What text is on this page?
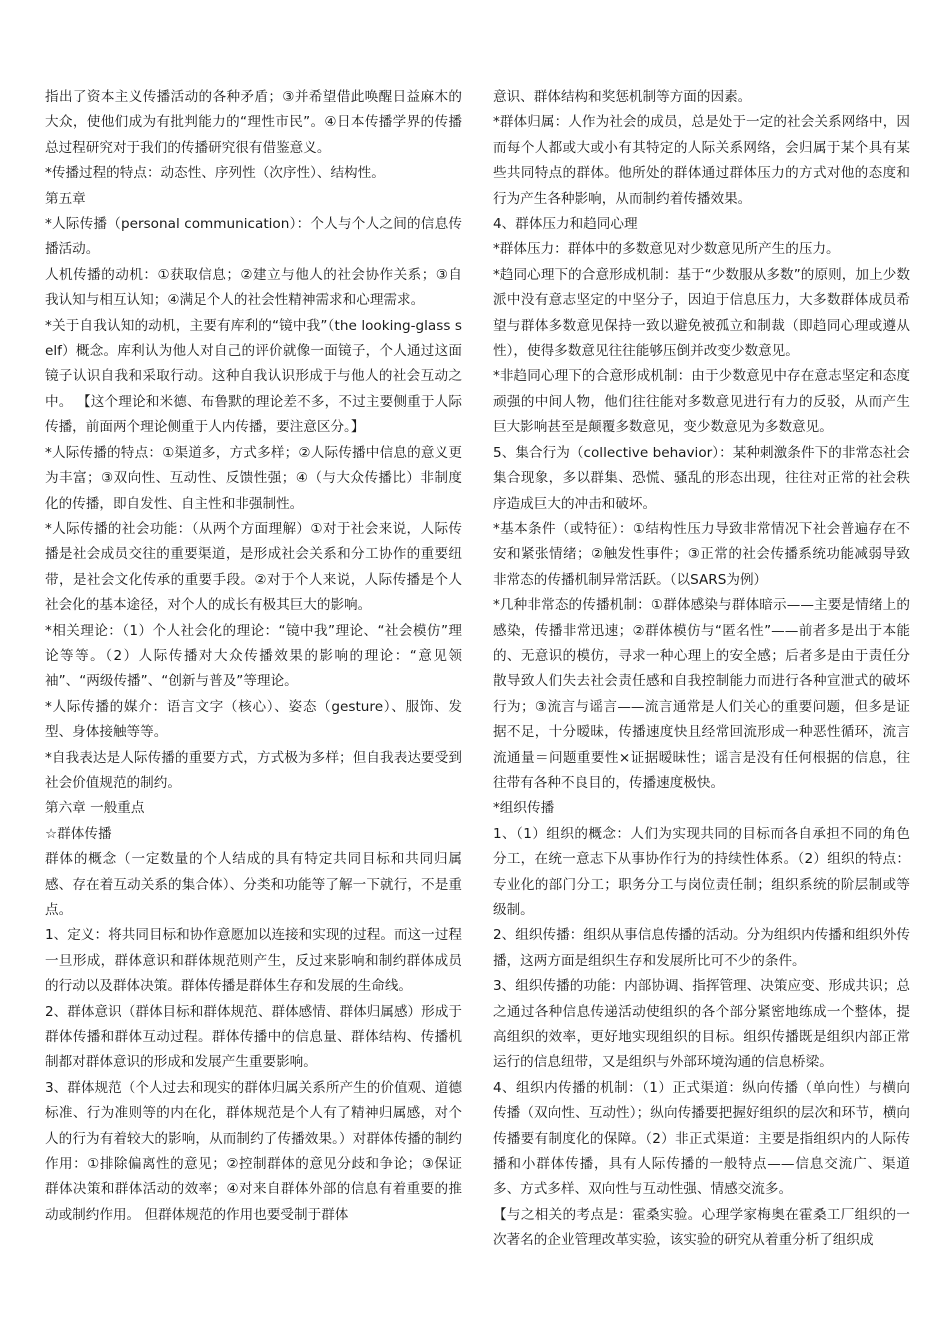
指出了资本主义传播活动的各种矛盾；③并希望借此唤醒日益麻木的大众，使他们成为有批判能力的“理性市民”。④日本传播学界的传播总过程研究对于我们的传播研究很有借鉴意义。

*传播过程的特点：动态性、序列性（次序性）、结构性。

第五章

*人际传播（personal communication）：个人与个人之间的信息传播活动。

人机传播的动机：①获取信息；②建立与他人的社会协作关系；③自我认知与相互认知；④满足个人的社会性精神需求和心理需求。

*关于自我认知的动机，主要有库利的“镜中我”（the looking-glass self）概念。库利认为他人对自己的评价就像一面镜子，个人通过这面镜子认识自我和采取行动。这种自我认识形成于与他人的社会互动之中。 【这个理论和米德、布鲁默的理论差不多，不过主要侧重于人际传播，前面两个理论侧重于人内传播，要注意区分。】

*人际传播的特点：①渠道多，方式多样；②人际传播中信息的意义更为丰富；③双向性、互动性、反馈性强；④（与大众传播比）非制度化的传播，即自发性、自主性和非强制性。

*人际传播的社会功能：（从两个方面理解）①对于社会来说，人际传播是社会成员交往的重要渠道，是形成社会关系和分工协作的重要纽带，是社会文化传承的重要手段。②对于个人来说，人际传播是个人社会化的基本途径，对个人的成长有极其巨大的影响。

*相关理论：（1）个人社会化的理论：“镜中我”理论、“社会模仿”理论等等。（2）人际传播对大众传播效果的影响的理论：“意见领袖”、“两级传播”、“创新与普及”等理论。

*人际传播的媒介：语言文字（核心）、姿态（gesture）、服饰、发型、身体接触等等。

*自我表达是人际传播的重要方式，方式极为多样；但自我表达要受到社会价值规范的制约。

第六章 一般重点

☆群体传播

群体的概念（一定数量的个人结成的具有特定共同目标和共同归属感、存在着互动关系的集合体）、分类和功能等了解一下就行，不是重点。

1、定义：将共同目标和协作意愿加以连接和实现的过程。而这一过程一旦形成，群体意识和群体规范则产生，反过来影响和制约群体成员的行动以及群体决策。群体传播是群体生存和发展的生命线。

2、群体意识（群体目标和群体规范、群体感情、群体归属感）形成于群体传播和群体互动过程。群体传播中的信息量、群体结构、传播机制都对群体意识的形成和发展产生重要影响。

3、群体规范（个人过去和现实的群体归属关系所产生的价值观、道德标准、行为准则等的内在化，群体规范是个人有了精神归属感，对个人的行为有着较大的影响，从而制约了传播效果。）对群体传播的制约作用：①排除偏离性的意见；②控制群体的意见分歧和争论；③保证群体决策和群体活动的效率；④对来自群体外部的信息有着重要的推动或制约作用。 但群体规范的作用也要受制于群体

意识、群体结构和奖惩机制等方面的因素。

*群体归属：人作为社会的成员，总是处于一定的社会关系网络中，因而每个人都或大或小有其特定的人际关系网络，会归属于某个具有某些共同特点的群体。他所处的群体通过群体压力的方式对他的态度和行为产生各种影响，从而制约着传播效果。

4、群体压力和趋同心理

*群体压力：群体中的多数意见对少数意见所产生的压力。

*趋同心理下的合意形成机制：基于“少数服从多数”的原则，加上少数派中没有意志坚定的中坚分子，因迫于信息压力，大多数群体成员希望与群体多数意见保持一致以避免被孤立和制裁（即趋同心理或遵从性），使得多数意见往往能够压倒并改变少数意见。

*非趋同心理下的合意形成机制：由于少数意见中存在意志坚定和态度顽强的中间人物，他们往往能对多数意见进行有力的反驳，从而产生巨大影响甚至是颠覆多数意见，变少数意见为多数意见。

5、集合行为（collective behavior）：某种刺激条件下的非常态社会集合现象，多以群集、恐慌、骚乱的形态出现，往往对正常的社会秩序造成巨大的冲击和破坏。

*基本条件（或特征）：①结构性压力导致非常情况下社会普遍存在不安和紧张情绪；②触发性事件；③正常的社会传播系统功能减弱导致非常态的传播机制异常活跃。（以SARS为例）

*几种非常态的传播机制：①群体感染与群体暗示——主要是情绪上的感染，传播非常迅速；②群体模仿与“匿名性”——前者多是出于本能的、无意识的模仿，寻求一种心理上的安全感；后者多是由于责任分散导致人们失去社会责任感和自我控制能力而进行各种宣泄式的破坏行为；③流言与谣言——流言通常是人们关心的重要问题，但多是证据不足，十分暧昧，传播速度快且经常回流形成一种恶性循环，流言流通量＝问题重要性×证据暧昧性；谣言是没有任何根据的信息，往往带有各种不良目的，传播速度极快。

*组织传播

1、（1）组织的概念：人们为实现共同的目标而各自承担不同的角色分工，在统一意志下从事协作行为的持续性体系。（2）组织的特点：专业化的部门分工；职务分工与岗位责任制；组织系统的阶层制或等级制。

2、组织传播：组织从事信息传播的活动。分为组织内传播和组织外传播，这两方面是组织生存和发展所比可不少的条件。

3、组织传播的功能：内部协调、指挥管理、决策应变、形成共识；总之通过各种信息传递活动使组织的各个部分紧密地练成一个整体，提高组织的效率，更好地实现组织的目标。组织传播既是组织内部正常运行的信息纽带，又是组织与外部环境沟通的信息桥梁。

4、组织内传播的机制：（1）正式渠道：纵向传播（单向性）与横向传播（双向性、互动性）；纵向传播要把握好组织的层次和环节，横向传播要有制度化的保障。（2）非正式渠道：主要是指组织内的人际传播和小群体传播，具有人际传播的一般特点——信息交流广、渠道多、方式多样、双向性与互动性强、情感交流多。

【与之相关的考点是：霍桑实验。心理学家梅奥在霍桑工厂组织的一次著名的企业管理改革实验，该实验的研究从着重分析了组织成
